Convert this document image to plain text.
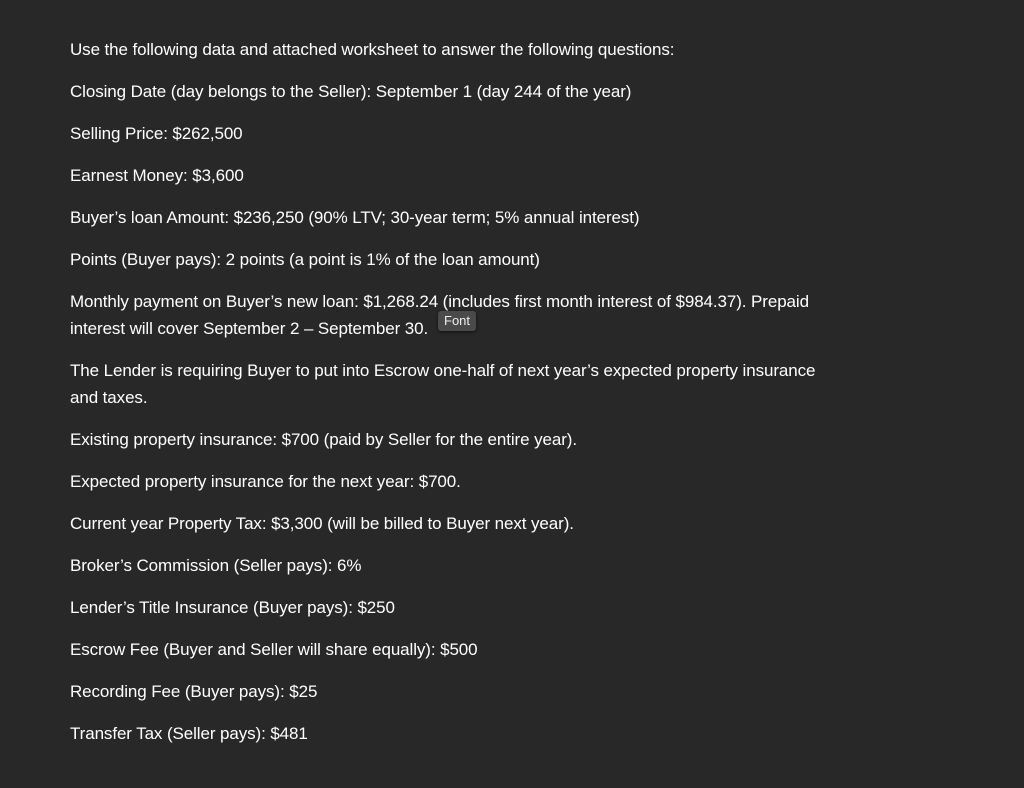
Use the following data and attached worksheet to answer the following questions:

Closing Date (day belongs to the Seller): September 1 (day 244 of the year)

Selling Price: $262,500

Earnest Money: $3,600

Buyer’s loan Amount: $236,250 (90% LTV; 30-year term; 5% annual interest)

Points (Buyer pays): 2 points (a point is 1% of the loan amount)

Monthly payment on Buyer’s new loan: $1,268.24 (includes first month interest of $984.37). Prepaid
interest will cover September 2 – September 30.
The Lender is requiring Buyer to put into Escrow one-half of next year’s expected property insurance
and taxes.

Existing property insurance: $700 (paid by Seller for the entire year).

Expected property insurance for the next year: $700.

Current year Property Tax: $3,300 (will be billed to Buyer next year).

Broker’s Commission (Seller pays): 6%

Lender’s Title Insurance (Buyer pays): $250

Escrow Fee (Buyer and Seller will share equally): $500

Recording Fee (Buyer pays): $25

Transfer Tax (Seller pays): $481

Font
